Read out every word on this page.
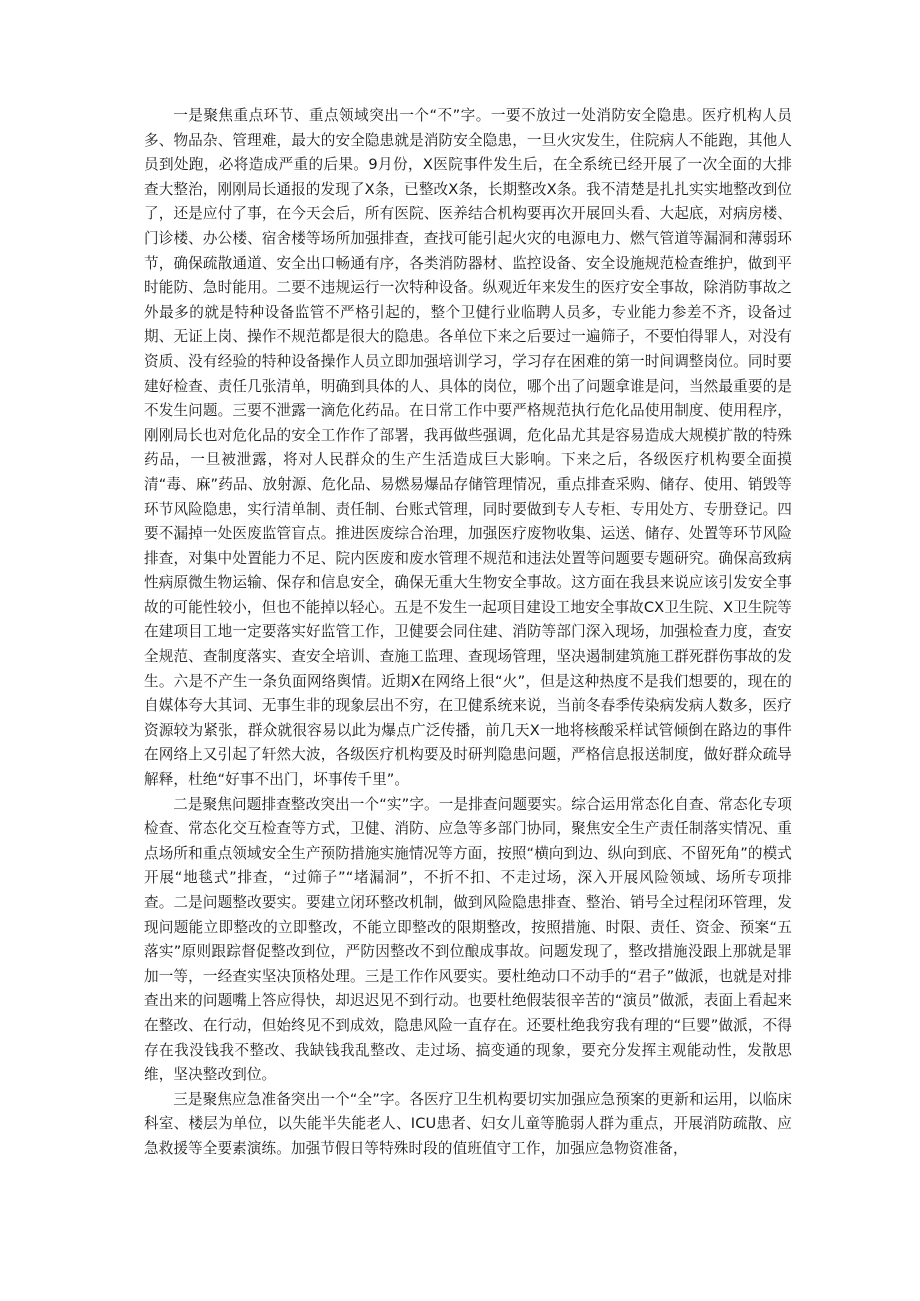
一是聚焦重点环节、重点领域突出一个“不”字。一要不放过一处消防安全隐患。医疗机构人员多、物品杂、管理难，最大的安全隐患就是消防安全隐患，一旦火灾发生，住院病人不能跑，其他人员到处跑，必将造成严重的后果。9月份，X医院事件发生后，在全系统已经开展了一次全面的大排查大整治，刚刚局长通报的发现了X条，已整改X条，长期整改X条。我不清楚是扎扎实实地整改到位了，还是应付了事，在今天会后，所有医院、医养结合机构要再次开展回头看、大起底，对病房楼、门诊楼、办公楼、宿舍楼等场所加强排查，查找可能引起火灾的电源电力、燃气管道等漏洞和薄弱环节，确保疏散通道、安全出口畅通有序，各类消防器材、监控设备、安全设施规范检查维护，做到平时能防、急时能用。二要不违规运行一次特种设备。纵观近年来发生的医疗安全事故，除消防事故之外最多的就是特种设备监管不严格引起的，整个卫健行业临聘人员多，专业能力参差不齐，设备过期、无证上岗、操作不规范都是很大的隐患。各单位下来之后要过一遍筛子，不要怕得罪人，对没有资质、没有经验的特种设备操作人员立即加强培训学习，学习存在困难的第一时间调整岗位。同时要建好检查、责任几张清单，明确到具体的人、具体的岗位，哪个出了问题拿谁是问，当然最重要的是不发生问题。三要不泄露一滴危化药品。在日常工作中要严格规范执行危化品使用制度、使用程序，刚刚局长也对危化品的安全工作作了部署，我再做些强调，危化品尤其是容易造成大规模扩散的特殊药品，一旦被泄露，将对人民群众的生产生活造成巨大影响。下来之后，各级医疗机构要全面摸清“毒、麻”药品、放射源、危化品、易燃易爆品存储管理情况，重点排查采购、储存、使用、销毁等环节风险隐患，实行清单制、责任制、台账式管理，同时要做到专人专柜、专用处方、专册登记。四要不漏掉一处医废监管盲点。推进医废综合治理，加强医疗废物收集、运送、储存、处置等环节风险排查，对集中处置能力不足、院内医废和废水管理不规范和违法处置等问题要专题研究。确保高致病性病原微生物运输、保存和信息安全，确保无重大生物安全事故。这方面在我县来说应该引发安全事故的可能性较小，但也不能掉以轻心。五是不发生一起项目建设工地安全事故CX卫生院、X卫生院等在建项目工地一定要落实好监管工作，卫健要会同住建、消防等部门深入现场，加强检查力度，查安全规范、查制度落实、查安全培训、查施工监理、查现场管理，坚决遏制建筑施工群死群伤事故的发生。六是不产生一条负面网络舆情。近期X在网络上很“火”，但是这种热度不是我们想要的，现在的自媒体夸大其词、无事生非的现象层出不穷，在卫健系统来说，当前冬春季传染病发病人数多，医疗资源较为紧张，群众就很容易以此为爆点广泛传播，前几天X一地将核酸采样试管倾倒在路边的事件在网络上又引起了轩然大波，各级医疗机构要及时研判隐患问题，严格信息报送制度，做好群众疏导解释，杜绝“好事不出门，坏事传千里”。

二是聚焦问题排查整改突出一个“实”字。一是排查问题要实。综合运用常态化自查、常态化专项检查、常态化交互检查等方式，卫健、消防、应急等多部门协同，聚焦安全生产责任制落实情况、重点场所和重点领域安全生产预防措施实施情况等方面，按照“横向到边、纵向到底、不留死角”的模式开展“地毯式”排查，“过筛子”“堵漏洞”，不折不扣、不走过场，深入开展风险领域、场所专项排查。二是问题整改要实。要建立闭环整改机制，做到风险隐患排查、整治、销号全过程闭环管理，发现问题能立即整改的立即整改，不能立即整改的限期整改，按照措施、时限、责任、资金、预案“五落实”原则跟踪督促整改到位，严防因整改不到位酿成事故。问题发现了，整改措施没跟上那就是罪加一等，一经查实坚决顶格处理。三是工作作风要实。要杜绝动口不动手的“君子”做派，也就是对排查出来的问题嘴上答应得快，却迟迟见不到行动。也要杜绝假装很辛苦的“演员”做派，表面上看起来在整改、在行动，但始终见不到成效，隐患风险一直存在。还要杜绝我穷我有理的“巨婴”做派，不得存在我没钱我不整改、我缺钱我乱整改、走过场、搞变通的现象，要充分发挥主观能动性，发散思维，坚决整改到位。

三是聚焦应急准备突出一个“全”字。各医疗卫生机构要切实加强应急预案的更新和运用，以临床科室、楼层为单位，以失能半失能老人、ICU患者、妇女儿童等脆弱人群为重点，开展消防疏散、应急救援等全要素演练。加强节假日等特殊时段的值班值守工作，加强应急物资准备，
